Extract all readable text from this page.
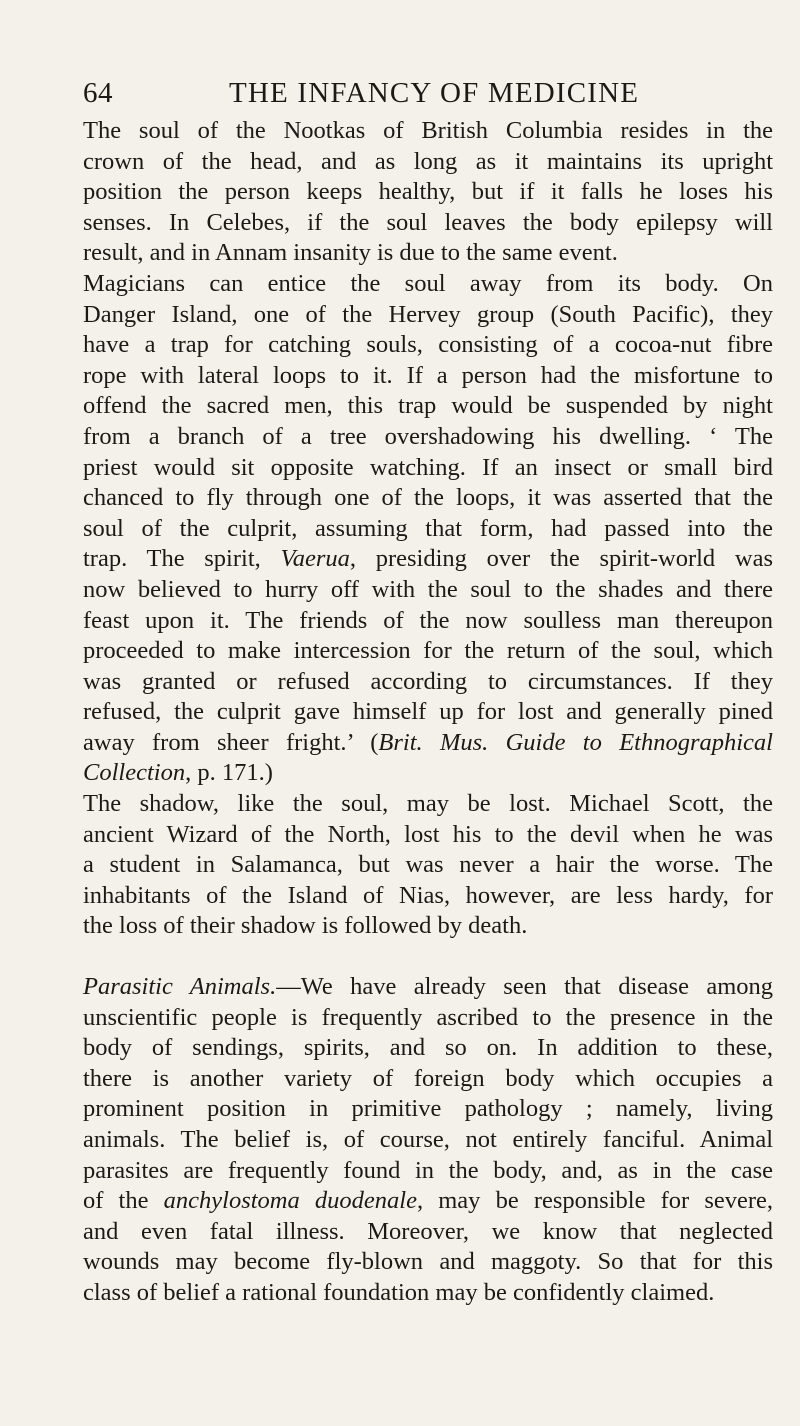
64	THE INFANCY OF MEDICINE
The soul of the Nootkas of British Columbia resides in the
crown of the head, and as long as it maintains its upright
position the person keeps healthy, but if it falls he loses his
senses. In Celebes, if the soul leaves the body epilepsy will
result, and in Annam insanity is due to the same event.
Magicians can entice the soul away from its body. On
Danger Island, one of the Hervey group (South Pacific), they
have a trap for catching souls, consisting of a cocoa-nut fibre
rope with lateral loops to it. If a person had the misfortune to
offend the sacred men, this trap would be suspended by night
from a branch of a tree overshadowing his dwelling. ‘ The
priest would sit opposite watching. If an insect or small bird
chanced to fly through one of the loops, it was asserted that the
soul of the culprit, assuming that form, had passed into the
trap. The spirit, Vaerua, presiding over the spirit-world was
now believed to hurry off with the soul to the shades and there
feast upon it. The friends of the now soulless man thereupon
proceeded to make intercession for the return of the soul, which
was granted or refused according to circumstances. If they
refused, the culprit gave himself up for lost and generally pined
away from sheer fright.’ (Brit. Mus. Guide to Ethnographical
Collection, p. 171.)
The shadow, like the soul, may be lost. Michael Scott, the
ancient Wizard of the North, lost his to the devil when he was
a student in Salamanca, but was never a hair the worse. The
inhabitants of the Island of Nias, however, are less hardy, for
the loss of their shadow is followed by death.
Parasitic Animals.—We have already seen that disease among
unscientific people is frequently ascribed to the presence in the
body of sendings, spirits, and so on. In addition to these,
there is another variety of foreign body which occupies a
prominent position in primitive pathology ; namely, living
animals. The belief is, of course, not entirely fanciful. Animal
parasites are frequently found in the body, and, as in the case
of the anchylostoma duodenale, may be responsible for severe,
and even fatal illness. Moreover, we know that neglected
wounds may become fly-blown and maggoty. So that for this
class of belief a rational foundation may be confidently claimed.
